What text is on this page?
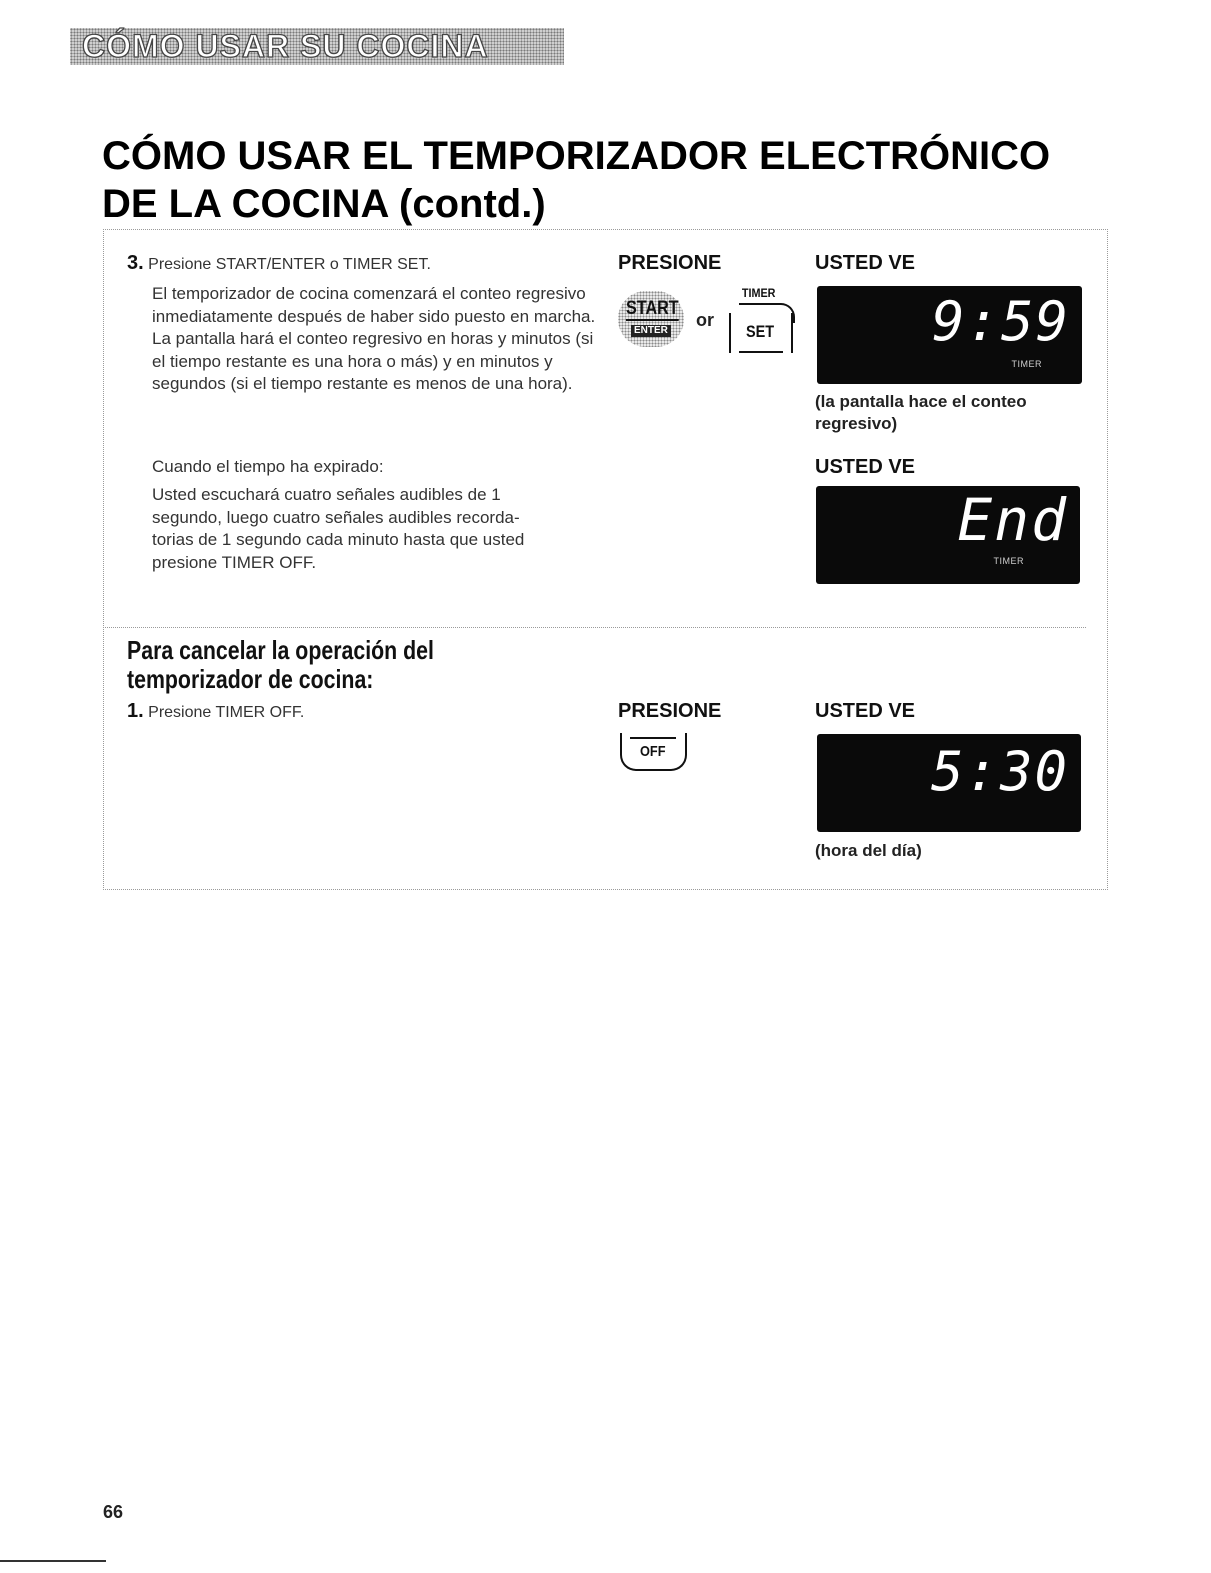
CÓMO USAR SU COCINA
CÓMO USAR EL TEMPORIZADOR ELECTRÓNICO DE LA COCINA (contd.)
3. Presione START/ENTER o TIMER SET.

El temporizador de cocina comenzará el conteo regresivo inmediatamente después de haber sido puesto en marcha. La pantalla hará el conteo regresivo en horas y minutos (si el tiempo restante es una hora o más) y en minutos y segundos (si el tiempo restante es menos de una hora).

Cuando el tiempo ha expirado:

Usted escuchará cuatro señales audibles de 1 segundo, luego cuatro señales audibles recorda-torias de 1 segundo cada minuto hasta que usted presione TIMER OFF.

PRESIONE	USTED VE
START
ENTER
or
TIMER
SET	9:59
TIMER
(la pantalla hace el conteo regresivo)
USTED VE
End
TIMER
Para cancelar la operación del temporizador de cocina:
1. Presione TIMER OFF.	PRESIONE	USTED VE
OFF	5:30
(hora del día)
66
